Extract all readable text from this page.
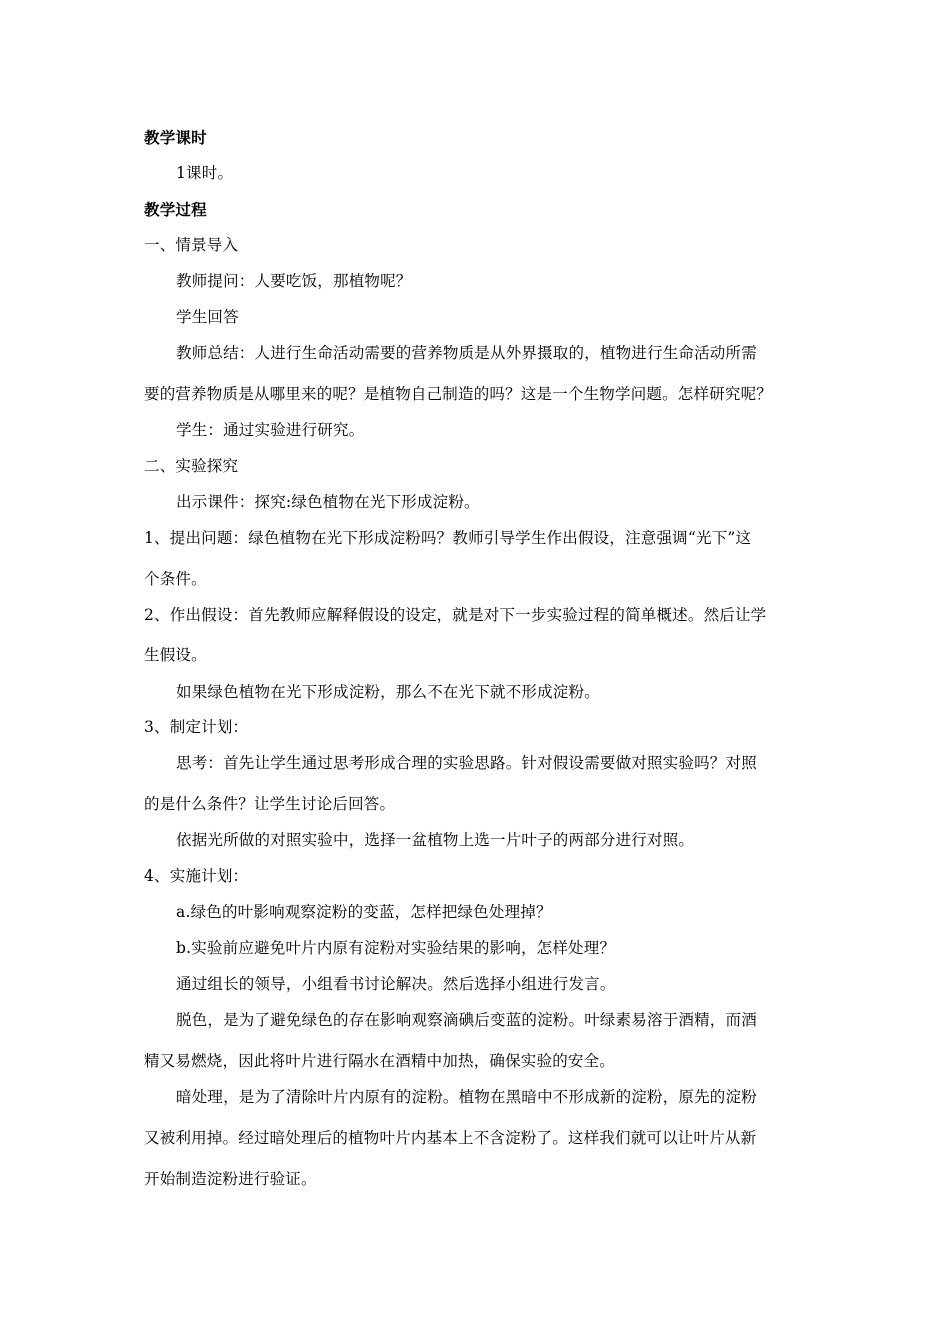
教学课时
1课时。
教学过程
一、情景导入
教师提问：人要吃饭，那植物呢？
学生回答
教师总结：人进行生命活动需要的营养物质是从外界摄取的，植物进行生命活动所需
要的营养物质是从哪里来的呢？是植物自己制造的吗？这是一个生物学问题。怎样研究呢？
学生：通过实验进行研究。
二、实验探究
出示课件：探究:绿色植物在光下形成淀粉。
1、提出问题：绿色植物在光下形成淀粉吗？教师引导学生作出假设，注意强调“光下”这
个条件。
2、作出假设：首先教师应解释假设的设定，就是对下一步实验过程的简单概述。然后让学
生假设。
如果绿色植物在光下形成淀粉，那么不在光下就不形成淀粉。
3、制定计划：
思考：首先让学生通过思考形成合理的实验思路。针对假设需要做对照实验吗？对照
的是什么条件？让学生讨论后回答。
依据光所做的对照实验中，选择一盆植物上选一片叶子的两部分进行对照。
4、实施计划：
a.绿色的叶影响观察淀粉的变蓝，怎样把绿色处理掉？
b.实验前应避免叶片内原有淀粉对实验结果的影响，怎样处理？
通过组长的领导，小组看书讨论解决。然后选择小组进行发言。
脱色，是为了避免绿色的存在影响观察滴碘后变蓝的淀粉。叶绿素易溶于酒精，而酒
精又易燃烧，因此将叶片进行隔水在酒精中加热，确保实验的安全。
暗处理，是为了清除叶片内原有的淀粉。植物在黑暗中不形成新的淀粉，原先的淀粉
又被利用掉。经过暗处理后的植物叶片内基本上不含淀粉了。这样我们就可以让叶片从新
开始制造淀粉进行验证。
